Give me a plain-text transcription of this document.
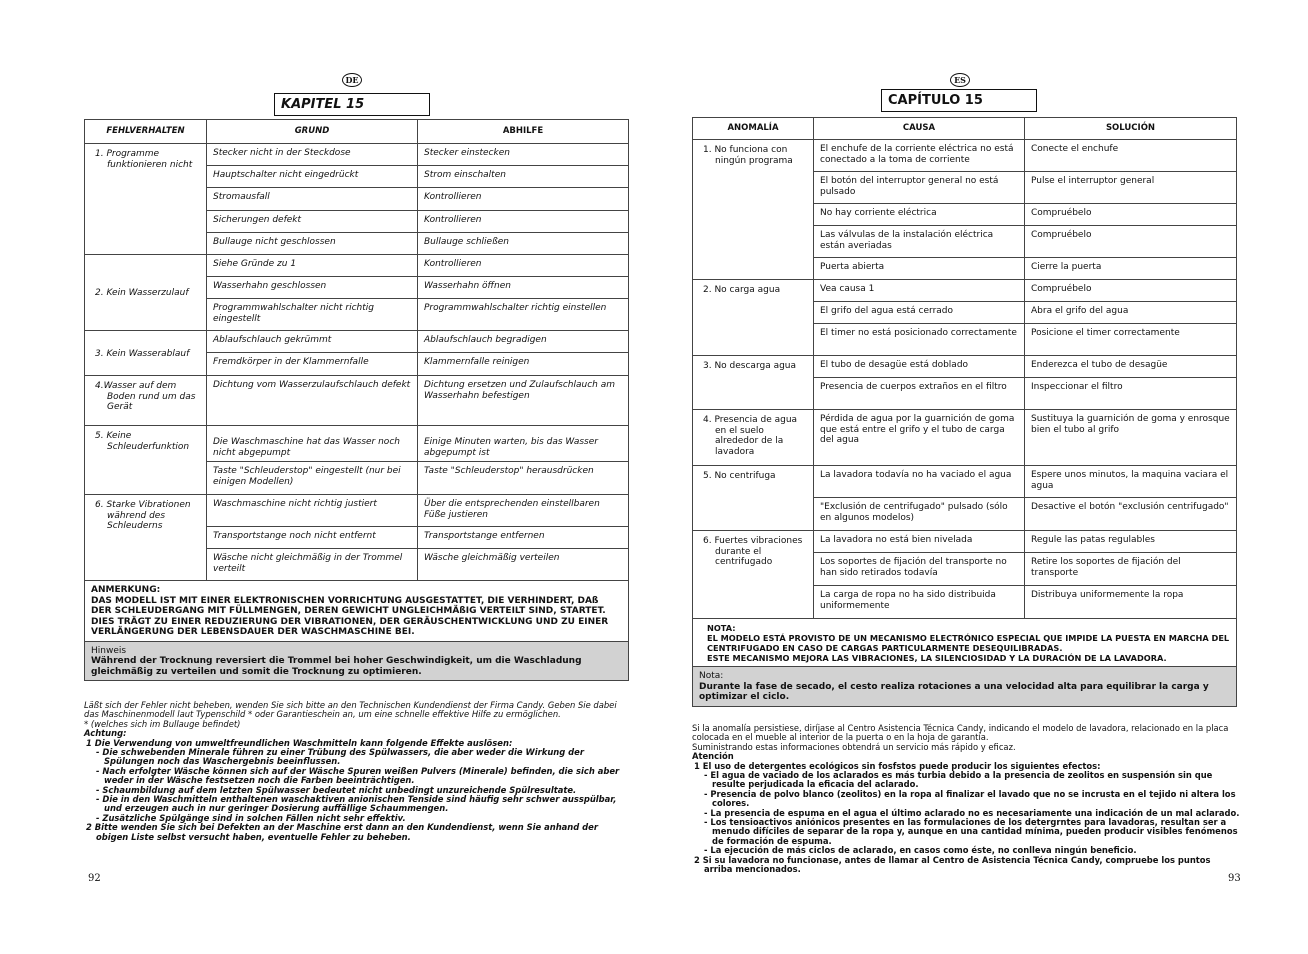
DE
KAPITEL 15
FEHLVERHALTEN	GRUND	ABHILFE

1. Programme funktionieren nicht	Stecker nicht in der Steckdose	Stecker einstecken
	Hauptschalter nicht eingedrückt	Strom einschalten
	Stromausfall	Kontrollieren
	Sicherungen defekt	Kontrollieren
	Bullauge nicht geschlossen	Bullauge schließen

2. Kein Wasserzulauf	Siehe Gründe zu 1	Kontrollieren
	Wasserhahn geschlossen	Wasserhahn öffnen
	Programmwahlschalter nicht richtig eingestellt	Programmwahlschalter richtig einstellen

3. Kein Wasserablauf	Ablaufschlauch gekrümmt	Ablaufschlauch begradigen
	Fremdkörper in der Klammernfalle	Klammernfalle reinigen

4.Wasser auf dem Boden rund um das Gerät	Dichtung vom Wasserzulaufschlauch defekt	Dichtung ersetzen und Zulaufschlauch am Wasserhahn befestigen

5. Keine Schleuderfunktion	Die Waschmaschine hat das Wasser noch nicht abgepumpt	Einige Minuten warten, bis das Wasser abgepumpt ist
	Taste "Schleuderstop" eingestellt (nur bei einigen Modellen)	Taste "Schleuderstop" herausdrücken

6. Starke Vibrationen während des Schleuderns	Waschmaschine nicht richtig justiert	Über die entsprechenden einstellbaren Füße justieren
	Transportstange noch nicht entfernt	Transportstange entfernen
	Wäsche nicht gleichmäßig in der Trommel verteilt	Wäsche gleichmäßig verteilen

ANMERKUNG:
DAS MODELL IST MIT EINER ELEKTRONISCHEN VORRICHTUNG AUSGESTATTET, DIE VERHINDERT, DAß DER SCHLEUDERGANG MIT FÜLLMENGEN, DEREN GEWICHT UNGLEICHMÄßIG VERTEILT SIND, STARTET. DIES TRÄGT ZU EINER REDUZIERUNG DER VIBRATIONEN, DER GERÄUSCHENTWICKLUNG UND ZU EINER VERLÄNGERUNG DER LEBENSDAUER DER WASCHMASCHINE BEI.		

Hinweis
Während der Trocknung reversiert die Trommel bei hoher Geschwindigkeit, um die Waschladung gleichmäßig zu verteilen und somit die Trocknung zu optimieren.		
Läßt sich der Fehler nicht beheben, wenden Sie sich bitte an den Technischen Kundendienst der Firma Candy. Geben Sie dabei das Maschinenmodell laut Typenschild * oder Garantieschein an, um eine schnelle effektive Hilfe zu ermöglichen.
* (welches sich im Bullauge befindet)
Achtung:
1 Die Verwendung von umweltfreundlichen Waschmitteln kann folgende Effekte auslösen:
- Die schwebenden Minerale führen zu einer Trübung des Spülwassers, die aber weder die Wirkung der Spülungen noch das Waschergebnis beeinflussen.
- Nach erfolgter Wäsche können sich auf der Wäsche Spuren weißen Pulvers (Minerale) befinden, die sich aber weder in der Wäsche festsetzen noch die Farben beeinträchtigen.
- Schaumbildung auf dem letzten Spülwasser bedeutet nicht unbedingt unzureichende Spülresultate.
- Die in den Waschmitteln enthaltenen waschaktiven anionischen Tenside sind häufig sehr schwer ausspülbar, und erzeugen auch in nur geringer Dosierung auffällige Schaummengen.
- Zusätzliche Spülgänge sind in solchen Fällen nicht sehr effektiv.
2 Bitte wenden Sie sich bei Defekten an der Maschine erst dann an den Kundendienst, wenn Sie anhand der obigen Liste selbst versucht haben, eventuelle Fehler zu beheben.
92
ES
CAPÍTULO 15
ANOMALÍA	CAUSA	SOLUCIÓN

1. No funciona con ningún programa	El enchufe de la corriente eléctrica no está conectado a la toma de corriente	Conecte el enchufe
	El botón del interruptor general no está pulsado	Pulse el interruptor general
	No hay corriente eléctrica	Compruébelo
	Las válvulas de la instalación eléctrica están averiadas	Compruébelo
	Puerta abierta	Cierre la puerta

2. No carga agua	Vea causa 1	Compruébelo
	El grifo del agua está cerrado	Abra el grifo del agua
	El timer no está posicionado correctamente	Posicione el timer correctamente

3. No descarga agua	El tubo de desagüe está doblado	Enderezca el tubo de desagüe
	Presencia de cuerpos extraños en el filtro	Inspeccionar el filtro

4. Presencia de agua en el suelo alrededor de la lavadora	Pérdida de agua por la guarnición de goma que está entre el grifo y el tubo de carga del agua	Sustituya la guarnición de goma y enrosque bien el tubo al grifo

5. No centrifuga	La lavadora todavía no ha vaciado el agua	Espere unos minutos, la maquina vaciara el agua
	"Exclusión de centrifugado" pulsado (sólo en algunos modelos)	Desactive el botón "exclusión centrifugado"

6. Fuertes vibraciones durante el centrifugado	La lavadora no está bien nivelada	Regule las patas regulables
	Los soportes de fijación del transporte no han sido retirados todavía	Retire los soportes de fijación del transporte
	La carga de ropa no ha sido distribuida uniformemente	Distribuya uniformemente la ropa

NOTA:
EL MODELO ESTÁ PROVISTO DE UN MECANISMO ELECTRÓNICO ESPECIAL QUE IMPIDE LA PUESTA EN MARCHA DEL CENTRIFUGADO EN CASO DE CARGAS PARTICULARMENTE DESEQUILIBRADAS.
ESTE MECANISMO MEJORA LAS VIBRACIONES, LA SILENCIOSIDAD Y LA DURACIÓN DE LA LAVADORA.		

Nota:
Durante la fase de secado, el cesto realiza rotaciones a una velocidad alta para equilibrar la carga y optimizar el ciclo.		
Si la anomalía persistiese, diríjase al Centro Asistencia Técnica Candy, indicando el modelo de lavadora, relacionado en la placa colocada en el mueble al interior de la puerta o en la hoja de garantía.
Suministrando estas informaciones obtendrá un servicio más rápido y eficaz.
Atención
1 El uso de detergentes ecológicos sin fosfstos puede producir los siguientes efectos:
- El agua de vaciado de los aclarados es más turbia debido a la presencia de zeolitos en suspensión sin que resulte perjudicada la eficacia del aclarado.
- Presencia de polvo blanco (zeolitos) en la ropa al finalizar el lavado que no se incrusta en el tejido ni altera los colores.
- La presencia de espuma en el agua el último aclarado no es necesariamente una indicación de un mal aclarado.
- Los tensioactivos aniónicos presentes en las formulaciones de los detergrntes para lavadoras, resultan ser a menudo difíciles de separar de la ropa y, aunque en una cantidad mínima, pueden producir visibles fenómenos de formación de espuma.
- La ejecución de más ciclos de aclarado, en casos como éste, no conlleva ningún beneficio.
2 Si su lavadora no funcionase, antes de llamar al Centro de Asistencia Técnica Candy, compruebe los puntos arriba mencionados.
93
